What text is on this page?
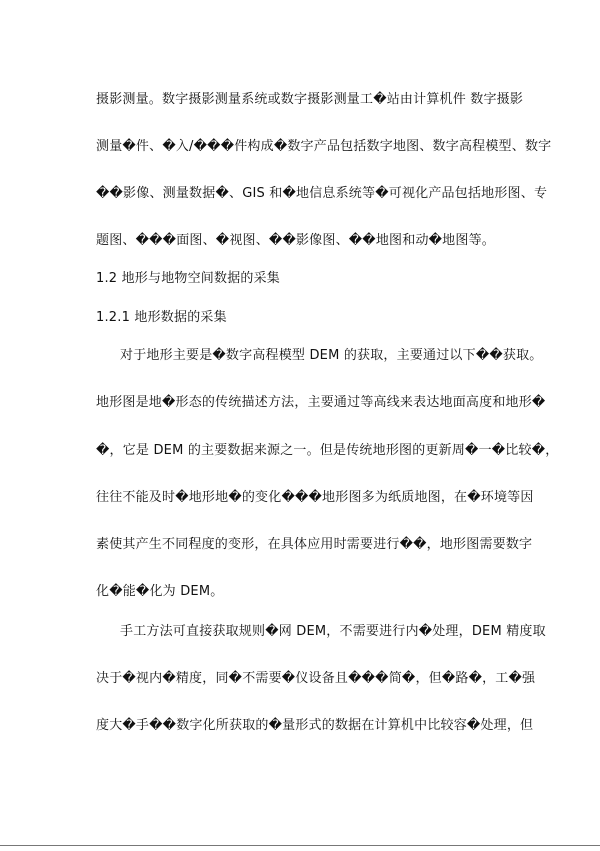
摄影测量。数字摄影测量系统或数字摄影测量工�站由计算机件 数字摄影
测量�件、�入/���件构成�数字产品包括数字地图、数字高程模型、数字
��影像、测量数据�、GIS 和�地信息系统等�可视化产品包括地形图、专
题图、���面图、�视图、��影像图、��地图和动�地图等。
1.2 地形与地物空间数据的采集
1.2.1 地形数据的采集
对于地形主要是�数字高程模型 DEM 的获取，主要通过以下��获取。
地形图是地�形态的传统描述方法，主要通过等高线来表达地面高度和地形�
�，它是 DEM 的主要数据来源之一。但是传统地形图的更新周�一�比较�，
往往不能及时�地形地�的变化���地形图多为纸质地图，在�环境等因
素使其产生不同程度的变形，在具体应用时需要进行��，地形图需要数字
化�能�化为 DEM。
手工方法可直接获取规则�网 DEM，不需要进行内�处理，DEM 精度取
决于�视内�精度，同�不需要�仪设备且���简�，但�路�，工�强
度大�手��数字化所获取的�量形式的数据在计算机中比较容�处理，但
